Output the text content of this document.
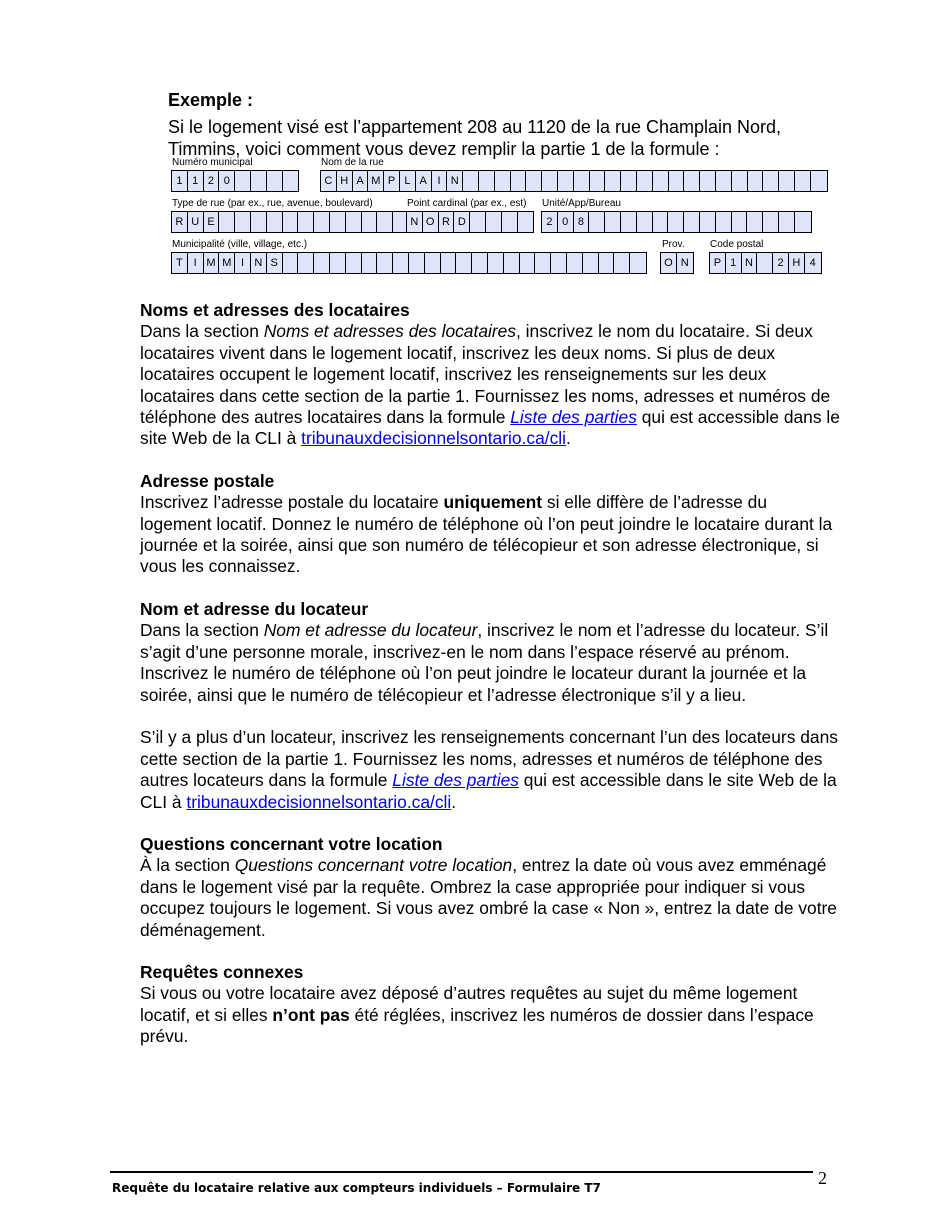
Exemple :
Si le logement visé est l’appartement 208 au 1120 de la rue Champlain Nord, Timmins, voici comment vous devez remplir la partie 1 de la formule :
Numéro municipal
1 1 2 0
Nom de la rue
C H A M P L A I N
Type de rue (par ex., rue, avenue, boulevard)
R U E
Point cardinal (par ex., est)
N O R D
Unité/App/Bureau
2 0 8
Municipalité (ville, village, etc.)
T I M M I N S
Prov.
O N
Code postal
P 1 N	2 H 4
Noms et adresses des locataires

Dans la section Noms et adresses des locataires, inscrivez le nom du locataire. Si deux locataires vivent dans le logement locatif, inscrivez les deux noms. Si plus de deux locataires occupent le logement locatif, inscrivez les renseignements sur les deux locataires dans cette section de la partie 1. Fournissez les noms, adresses et numéros de téléphone des autres locataires dans la formule Liste des parties qui est accessible dans le site Web de la CLI à tribunauxdecisionnelsontario.ca/cli.

Adresse postale

Inscrivez l’adresse postale du locataire uniquement si elle diffère de l’adresse du logement locatif. Donnez le numéro de téléphone où l’on peut joindre le locataire durant la journée et la soirée, ainsi que son numéro de télécopieur et son adresse électronique, si vous les connaissez.

Nom et adresse du locateur

Dans la section Nom et adresse du locateur, inscrivez le nom et l’adresse du locateur. S’il s’agit d’une personne morale, inscrivez-en le nom dans l’espace réservé au prénom. Inscrivez le numéro de téléphone où l’on peut joindre le locateur durant la journée et la soirée, ainsi que le numéro de télécopieur et l’adresse électronique s’il y a lieu.

S’il y a plus d’un locateur, inscrivez les renseignements concernant l’un des locateurs dans cette section de la partie 1. Fournissez les noms, adresses et numéros de téléphone des autres locateurs dans la formule Liste des parties qui est accessible dans le site Web de la CLI à tribunauxdecisionnelsontario.ca/cli.

Questions concernant votre location

À la section Questions concernant votre location, entrez la date où vous avez emménagé dans le logement visé par la requête. Ombrez la case appropriée pour indiquer si vous occupez toujours le logement. Si vous avez ombré la case « Non », entrez la date de votre déménagement.

Requêtes connexes

Si vous ou votre locataire avez déposé d’autres requêtes au sujet du même logement locatif, et si elles n’ont pas été réglées, inscrivez les numéros de dossier dans l’espace prévu.

Requête du locataire relative aux compteurs individuels – Formulaire T7	2
